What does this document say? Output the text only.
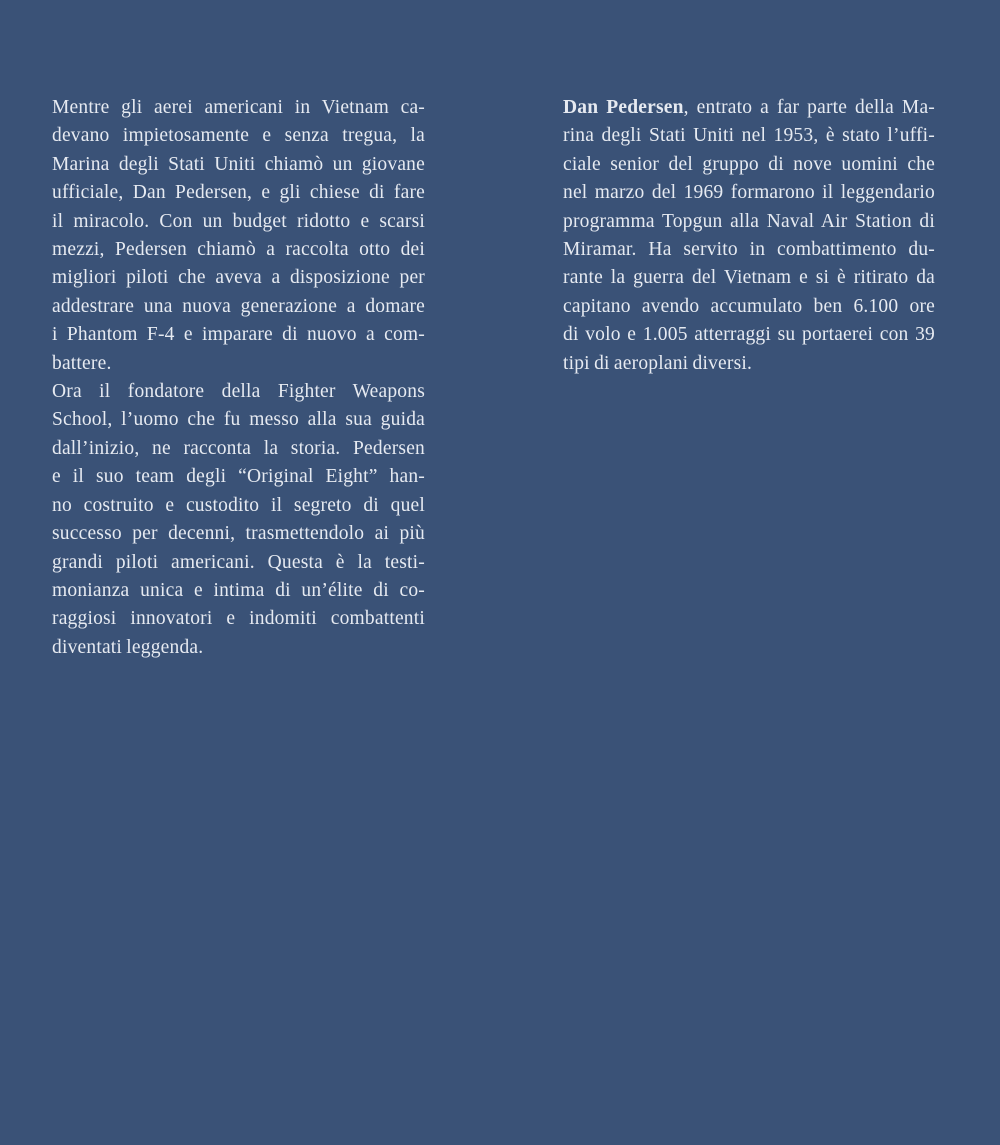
Mentre gli aerei americani in Vietnam ca-
devano impietosamente e senza tregua, la
Marina degli Stati Uniti chiamò un giovane
ufficiale, Dan Pedersen, e gli chiese di fare
il miracolo. Con un budget ridotto e scarsi
mezzi, Pedersen chiamò a raccolta otto dei
migliori piloti che aveva a disposizione per
addestrare una nuova generazione a domare
i Phantom F-4 e imparare di nuovo a com-
battere.
Ora il fondatore della Fighter Weapons
School, l’uomo che fu messo alla sua guida
dall’inizio, ne racconta la storia. Pedersen
e il suo team degli “Original Eight” han-
no costruito e custodito il segreto di quel
successo per decenni, trasmettendolo ai più
grandi piloti americani. Questa è la testi-
monianza unica e intima di un’élite di co-
raggiosi innovatori e indomiti combattenti
diventati leggenda.
Dan Pedersen, entrato a far parte della Ma-
rina degli Stati Uniti nel 1953, è stato l’uffi-
ciale senior del gruppo di nove uomini che
nel marzo del 1969 formarono il leggendario
programma Topgun alla Naval Air Station di
Miramar. Ha servito in combattimento du-
rante la guerra del Vietnam e si è ritirato da
capitano avendo accumulato ben 6.100 ore
di volo e 1.005 atterraggi su portaerei con 39
tipi di aeroplani diversi.
